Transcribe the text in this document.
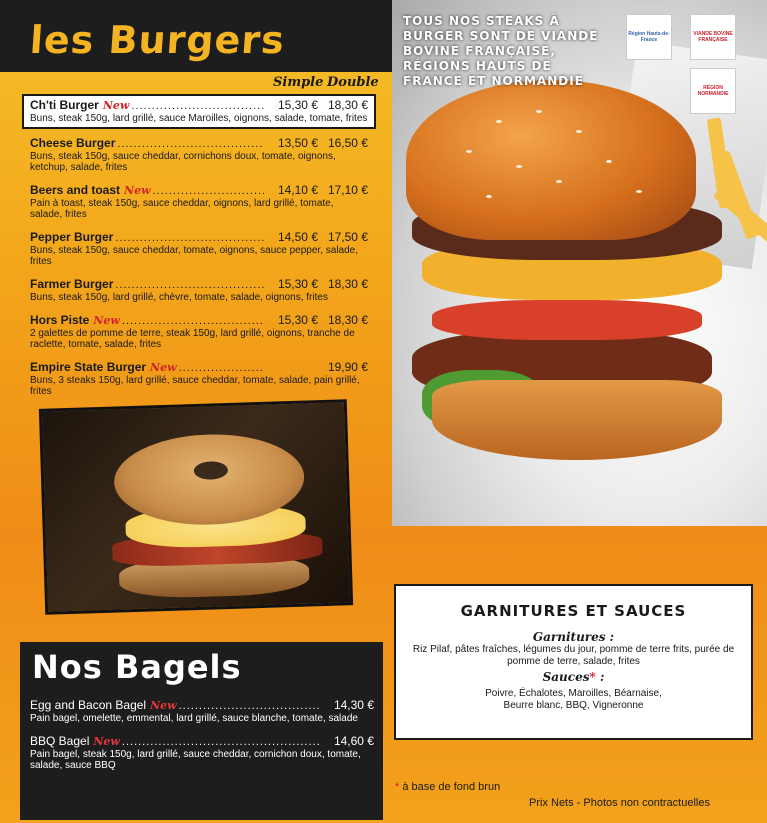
les Burgers
Simple Double
Ch'ti Burger New .....	15,30 € 18,30 €
Buns, steak 150g, lard grillé, sauce Maroilles, oignons, salade, tomate, frites
Cheese Burger .....	13,50 € 16,50 €
Buns, steak 150g, sauce cheddar, cornichons doux, tomate, oignons, ketchup, salade, frites
Beers and toast New .....	14,10 € 17,10 €
Pain à toast, steak 150g, sauce cheddar, oignons, lard grillé, tomate, salade, frites
Pepper Burger .....	14,50 € 17,50 €
Buns, steak 150g, sauce cheddar, tomate, oignons, sauce pepper, salade, frites
Farmer Burger .....	15,30 € 18,30 €
Buns, steak 150g, lard grillé, chèvre, tomate, salade, oignons, frites
Hors Piste New .....	15,30 € 18,30 €
2 galettes de pomme de terre, steak 150g, lard grillé, oignons, tranche de raclette, tomate, salade, frites
Empire State Burger New .....	19,90 €
Buns, 3 steaks 150g, lard grillé, sauce cheddar, tomate, salade, pain grillé, frites
Région Hauts-de-France
VIANDE BOVINE FRANÇAISE
RÉGION NORMANDIE
TOUS NOS STEAKS À BURGER SONT DE VIANDE BOVINE FRANÇAISE, RÉGIONS HAUTS DE FRANCE ET NORMANDIE
GARNITURES ET SAUCES
Garnitures :
Riz Pilaf, pâtes fraîches, légumes du jour, pomme de terre frits, purée de pomme de terre, salade, frites
Sauces* :
Poivre, Échalotes, Maroilles, Béarnaise, Beurre blanc, BBQ, Vigneronne
Nos Bagels
Egg and Bacon Bagel New .....	14,30 €
Pain bagel, omelette, emmental, lard grillé, sauce blanche, tomate, salade
BBQ Bagel New .....	14,60 €
Pain bagel, steak 150g, lard grillé, sauce cheddar, cornichon doux, tomate, salade, sauce BBQ
* à base de fond brun
Prix Nets - Photos non contractuelles
